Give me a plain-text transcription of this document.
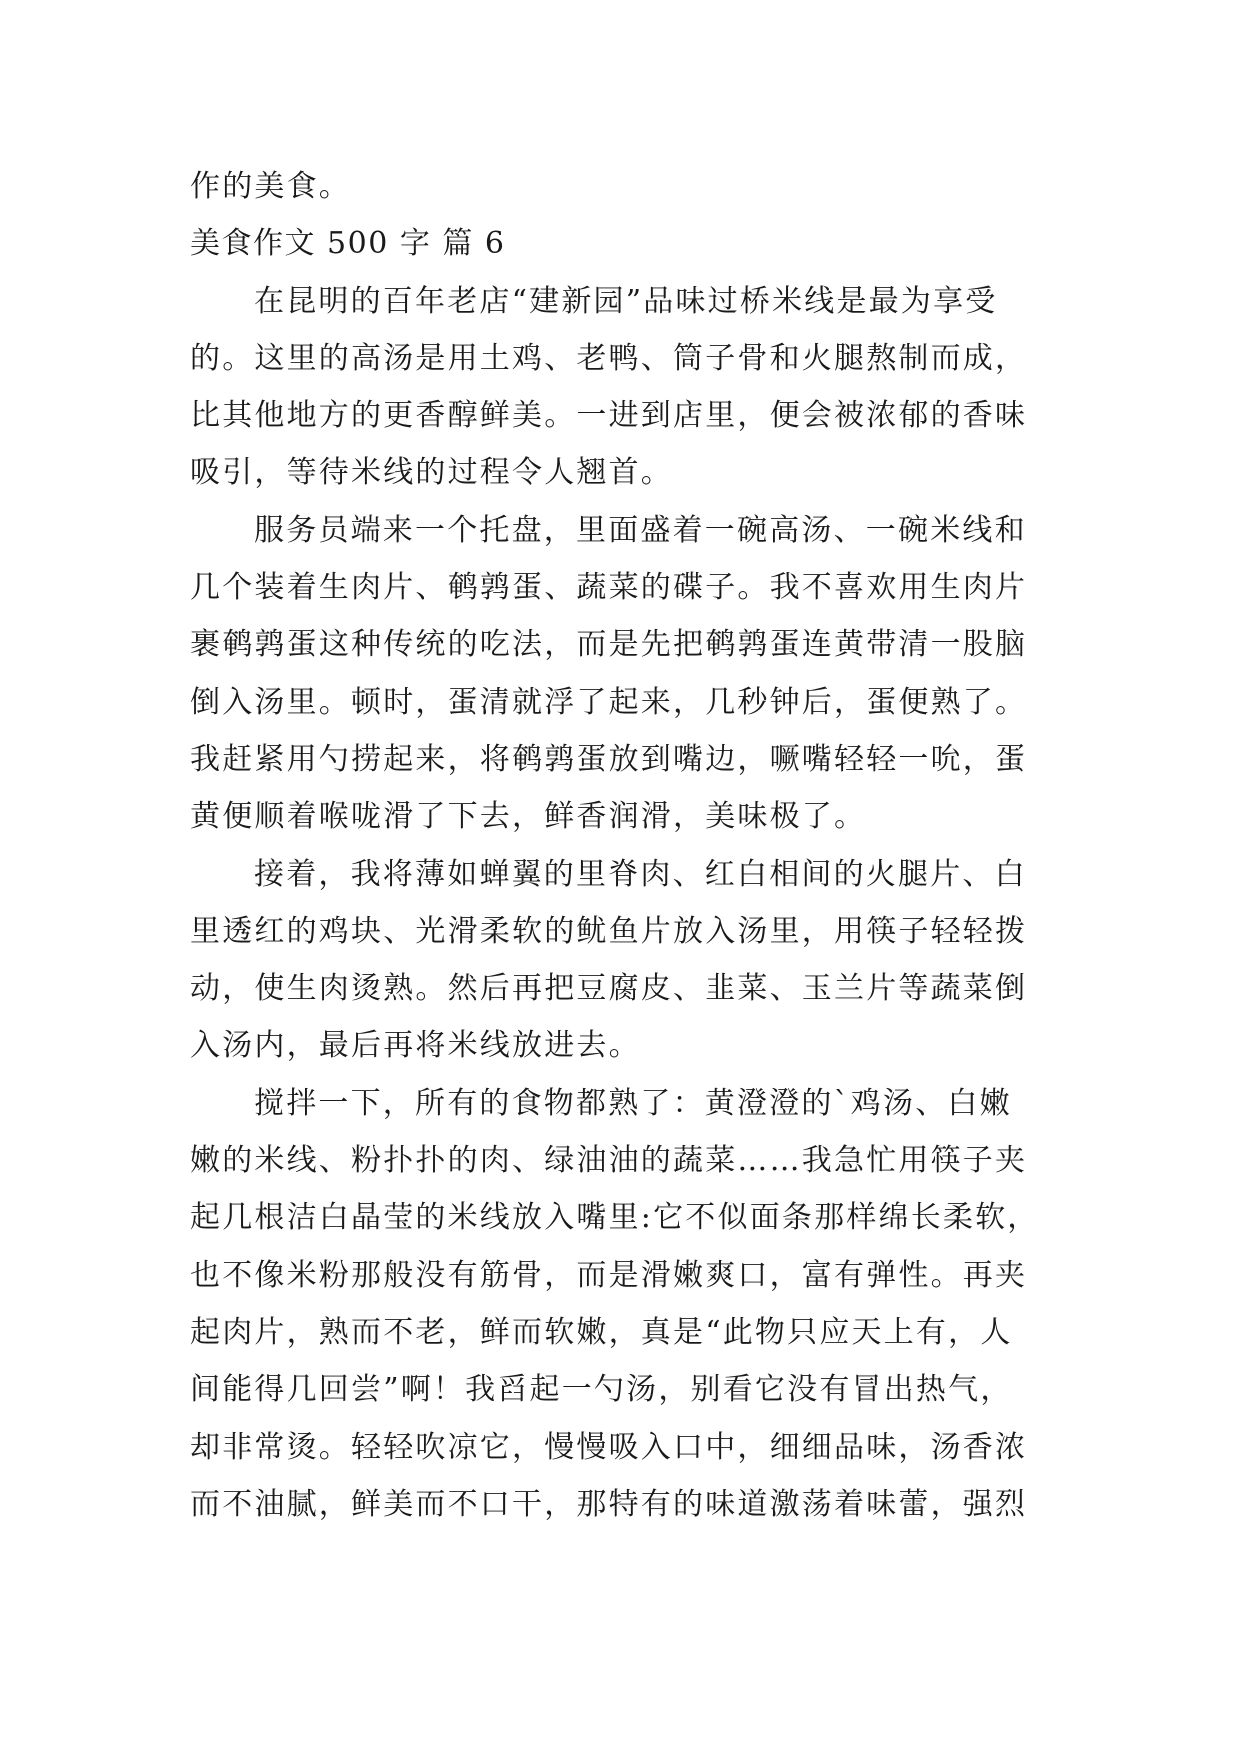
作的美食。
美食作文 500 字 篇 6
在昆明的百年老店“建新园”品味过桥米线是最为享受
的。这里的高汤是用土鸡、老鸭、筒子骨和火腿熬制而成，
比其他地方的更香醇鲜美。一进到店里，便会被浓郁的香味
吸引，等待米线的过程令人翘首。
服务员端来一个托盘，里面盛着一碗高汤、一碗米线和
几个装着生肉片、鹌鹑蛋、蔬菜的碟子。我不喜欢用生肉片
裹鹌鹑蛋这种传统的吃法，而是先把鹌鹑蛋连黄带清一股脑
倒入汤里。顿时，蛋清就浮了起来，几秒钟后，蛋便熟了。
我赶紧用勺捞起来，将鹌鹑蛋放到嘴边，噘嘴轻轻一吮，蛋
黄便顺着喉咙滑了下去，鲜香润滑，美味极了。
接着，我将薄如蝉翼的里脊肉、红白相间的火腿片、白
里透红的鸡块、光滑柔软的鱿鱼片放入汤里，用筷子轻轻拨
动，使生肉烫熟。然后再把豆腐皮、韭菜、玉兰片等蔬菜倒
入汤内，最后再将米线放进去。
搅拌一下，所有的食物都熟了：黄澄澄的`鸡汤、白嫩
嫩的米线、粉扑扑的肉、绿油油的蔬菜……我急忙用筷子夹
起几根洁白晶莹的米线放入嘴里:它不似面条那样绵长柔软，
也不像米粉那般没有筋骨，而是滑嫩爽口，富有弹性。再夹
起肉片，熟而不老，鲜而软嫩，真是“此物只应天上有，人
间能得几回尝”啊！我舀起一勺汤，别看它没有冒出热气，
却非常烫。轻轻吹凉它，慢慢吸入口中，细细品味，汤香浓
而不油腻，鲜美而不口干，那特有的味道激荡着味蕾，强烈
